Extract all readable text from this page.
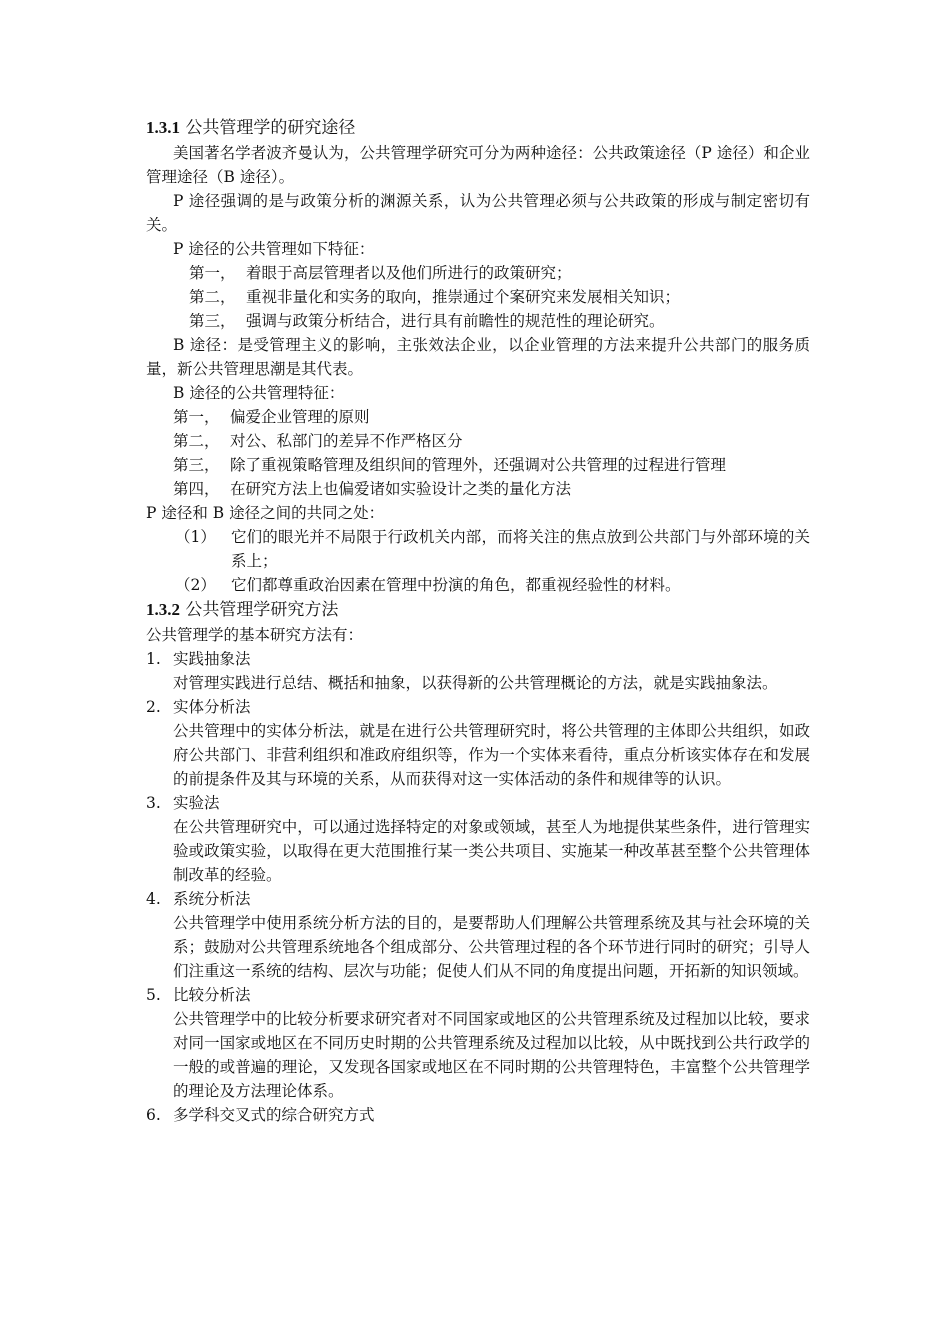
1.3.1 公共管理学的研究途径

美国著名学者波齐曼认为，公共管理学研究可分为两种途径：公共政策途径（P 途径）和企业管理途径（B 途径）。

P 途径强调的是与政策分析的渊源关系，认为公共管理必须与公共政策的形成与制定密切有关。

P 途径的公共管理如下特征：

第一， 着眼于高层管理者以及他们所进行的政策研究；
第二， 重视非量化和实务的取向，推崇通过个案研究来发展相关知识；
第三， 强调与政策分析结合，进行具有前瞻性的规范性的理论研究。

B 途径：是受管理主义的影响，主张效法企业，以企业管理的方法来提升公共部门的服务质量，新公共管理思潮是其代表。

B 途径的公共管理特征：

第一， 偏爱企业管理的原则
第二， 对公、私部门的差异不作严格区分
第三， 除了重视策略管理及组织间的管理外，还强调对公共管理的过程进行管理
第四， 在研究方法上也偏爱诸如实验设计之类的量化方法

P 途径和 B 途径之间的共同之处：

（1） 它们的眼光并不局限于行政机关内部，而将关注的焦点放到公共部门与外部环境的关系上；
（2） 它们都尊重政治因素在管理中扮演的角色，都重视经验性的材料。
1.3.2 公共管理学研究方法

公共管理学的基本研究方法有：

1. 实践抽象法

对管理实践进行总结、概括和抽象，以获得新的公共管理概论的方法，就是实践抽象法。

2. 实体分析法

公共管理中的实体分析法，就是在进行公共管理研究时，将公共管理的主体即公共组织，如政府公共部门、非营利组织和准政府组织等，作为一个实体来看待，重点分析该实体存在和发展的前提条件及其与环境的关系，从而获得对这一实体活动的条件和规律等的认识。

3. 实验法

在公共管理研究中，可以通过选择特定的对象或领域，甚至人为地提供某些条件，进行管理实验或政策实验，以取得在更大范围推行某一类公共项目、实施某一种改革甚至整个公共管理体制改革的经验。

4. 系统分析法

公共管理学中使用系统分析方法的目的，是要帮助人们理解公共管理系统及其与社会环境的关系；鼓励对公共管理系统地各个组成部分、公共管理过程的各个环节进行同时的研究；引导人们注重这一系统的结构、层次与功能；促使人们从不同的角度提出问题，开拓新的知识领域。

5. 比较分析法

公共管理学中的比较分析要求研究者对不同国家或地区的公共管理系统及过程加以比较，要求对同一国家或地区在不同历史时期的公共管理系统及过程加以比较，从中既找到公共行政学的一般的或普遍的理论，又发现各国家或地区在不同时期的公共管理特色，丰富整个公共管理学的理论及方法理论体系。

6. 多学科交叉式的综合研究方式
